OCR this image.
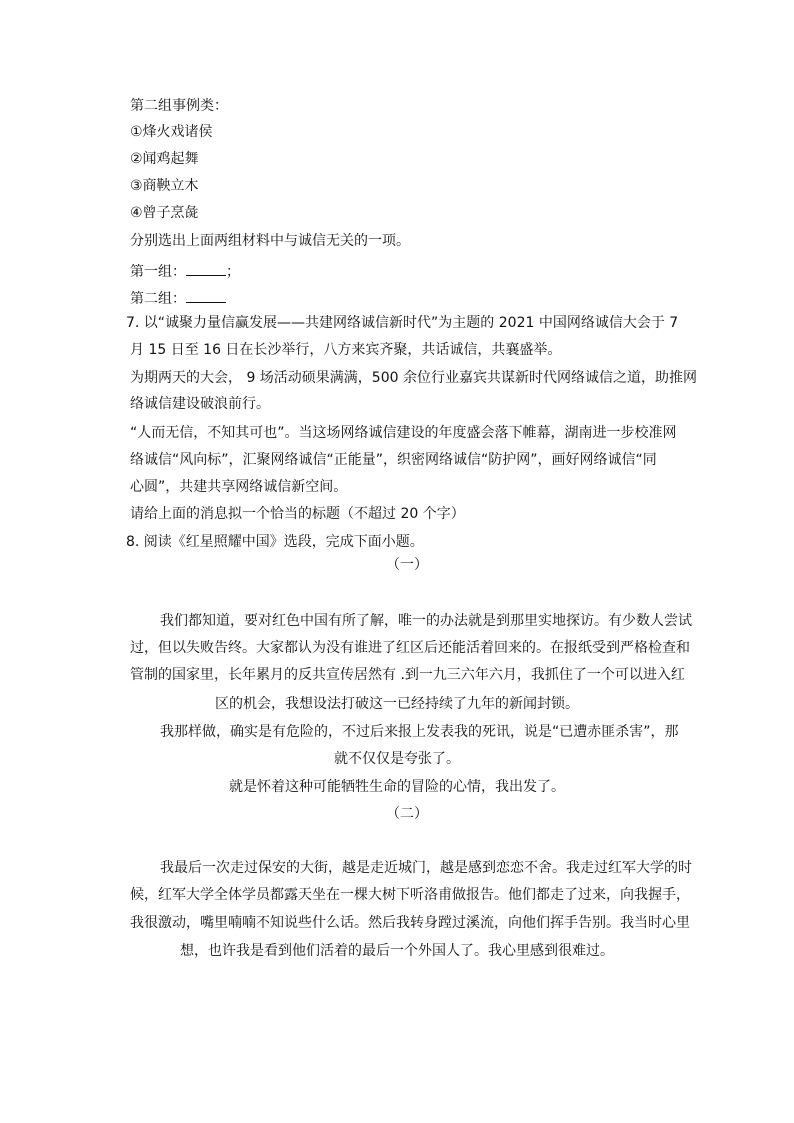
第二组事例类：
①烽火戏诸侯
②闻鸡起舞
③商鞅立木
④曾子烹彘
分别选出上面两组材料中与诚信无关的一项。
第一组：	；
第二组：
7. 以“诚聚力量信赢发展——共建网络诚信新时代”为主题的 2021 中国网络诚信大会于 7
月 15 日至 16 日在长沙举行，八方来宾齐聚，共话诚信，共襄盛举。
为期两天的大会， 9 场活动硕果满满，500 余位行业嘉宾共谋新时代网络诚信之道，助推网
络诚信建设破浪前行。
“人而无信，不知其可也”。当这场网络诚信建设的年度盛会落下帷幕，湖南进一步校准网
络诚信“风向标”，汇聚网络诚信“正能量”，织密网络诚信“防护网”，画好网络诚信“同
心圆”，共建共享网络诚信新空间。
请给上面的消息拟一个恰当的标题（不超过 20 个字）
8. 阅读《红星照耀中国》选段，完成下面小题。
（一）
我们都知道，要对红色中国有所了解，唯一的办法就是到那里实地探访。有少数人尝试
过，但以失败告终。大家都认为没有谁进了红区后还能活着回来的。在报纸受到严格检查和
管制的国家里，长年累月的反共宣传居然有 .到一九三六年六月，我抓住了一个可以进入红
区的机会，我想设法打破这一已经持续了九年的新闻封锁。
我那样做，确实是有危险的，不过后来报上发表我的死讯，说是“已遭赤匪杀害”，那
就不仅仅是夸张了。
就是怀着这种可能牺牲生命的冒险的心情，我出发了。
（二）
我最后一次走过保安的大街，越是走近城门，越是感到恋恋不舍。我走过红军大学的时
候，红军大学全体学员都露天坐在一棵大树下听洛甫做报告。他们都走了过来，向我握手，
我很激动，嘴里喃喃不知说些什么话。然后我转身蹚过溪流，向他们挥手告别。我当时心里
想，也许我是看到他们活着的最后一个外国人了。我心里感到很难过。
